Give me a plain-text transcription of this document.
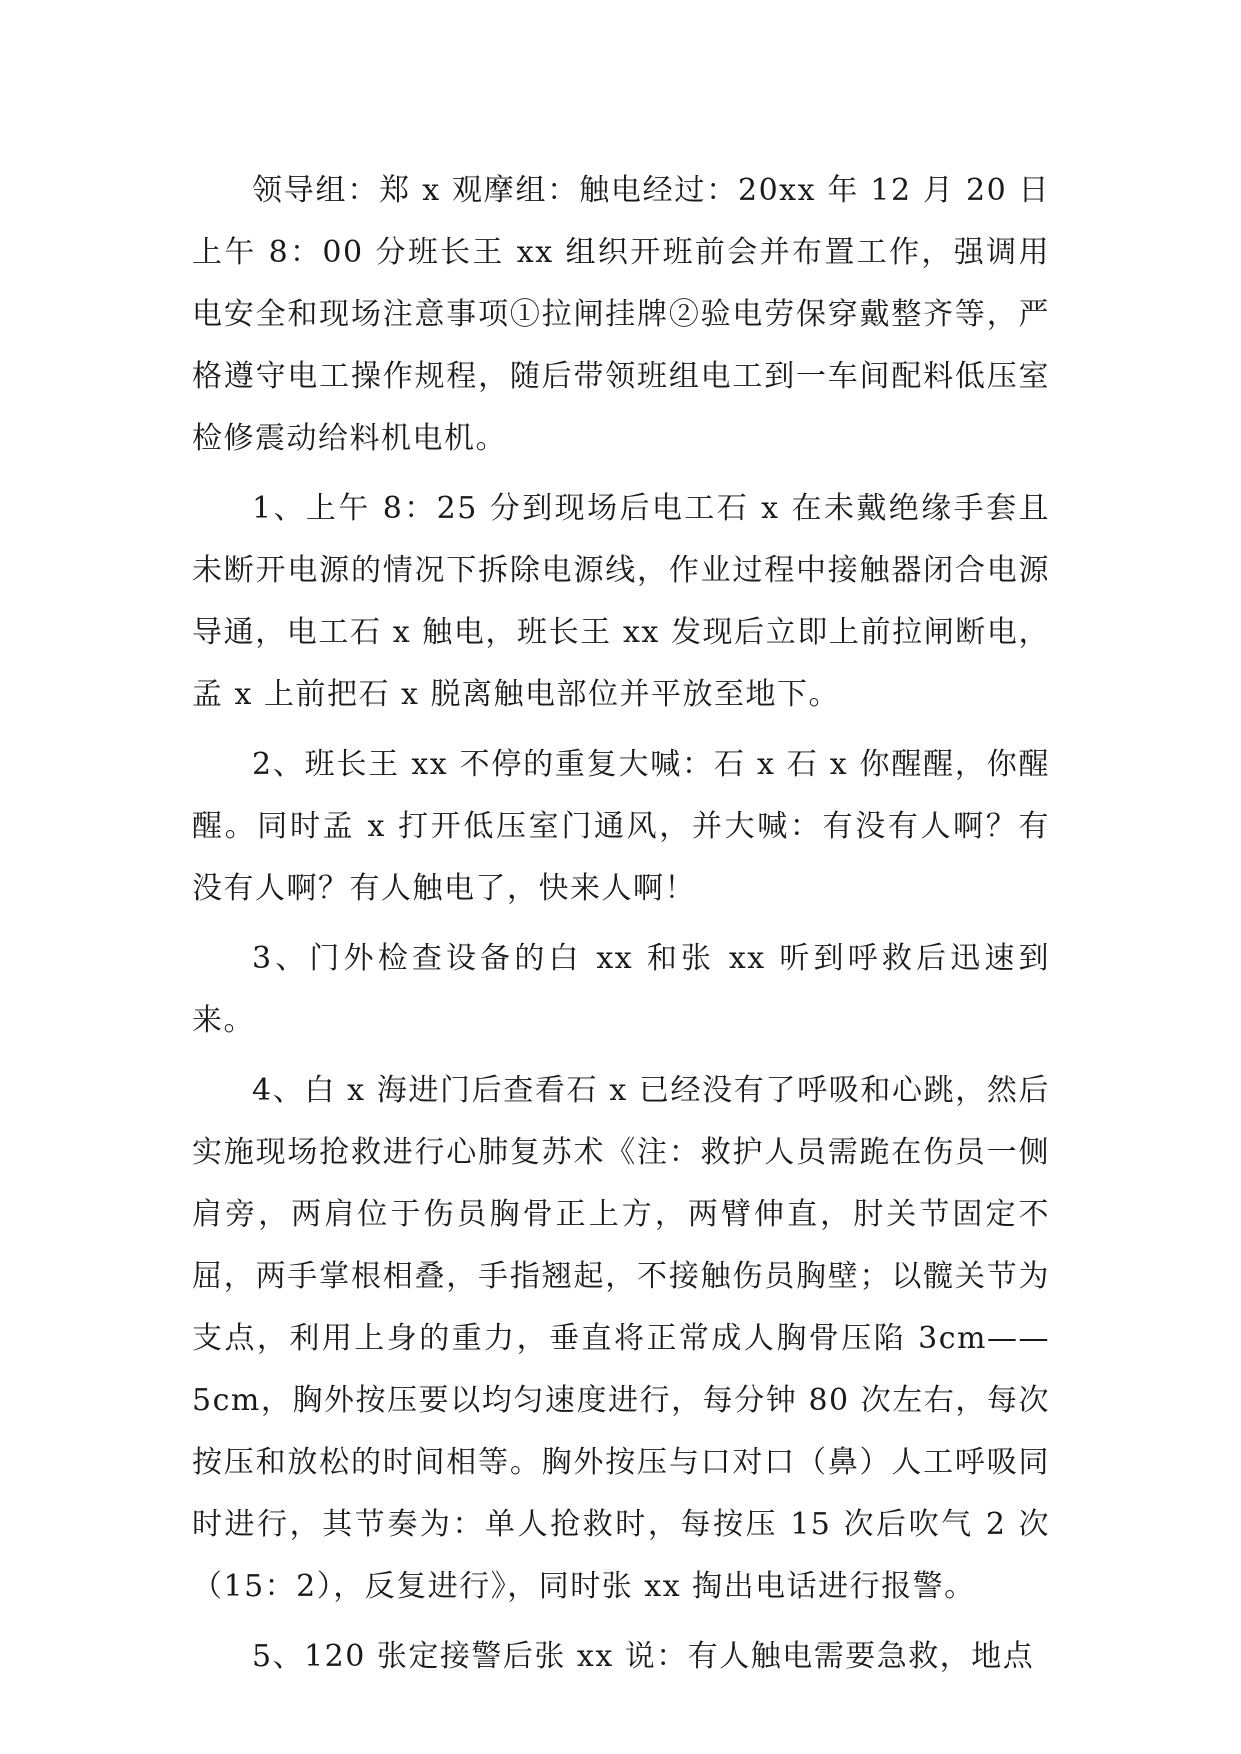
领导组：郑 x 观摩组：触电经过：20xx 年 12 月 20 日上午 8：00 分班长王 xx 组织开班前会并布置工作，强调用电安全和现场注意事项①拉闸挂牌②验电劳保穿戴整齐等，严格遵守电工操作规程，随后带领班组电工到一车间配料低压室检修震动给料机电机。

1、上午 8：25 分到现场后电工石 x 在未戴绝缘手套且未断开电源的情况下拆除电源线，作业过程中接触器闭合电源导通，电工石 x 触电，班长王 xx 发现后立即上前拉闸断电，孟 x 上前把石 x 脱离触电部位并平放至地下。

2、班长王 xx 不停的重复大喊：石 x 石 x 你醒醒，你醒醒。同时孟 x 打开低压室门通风，并大喊：有没有人啊？有没有人啊？有人触电了，快来人啊！

3、门外检查设备的白 xx 和张 xx 听到呼救后迅速到来。

4、白 x 海进门后查看石 x 已经没有了呼吸和心跳，然后实施现场抢救进行心肺复苏术《注：救护人员需跪在伤员一侧肩旁，两肩位于伤员胸骨正上方，两臂伸直，肘关节固定不屈，两手掌根相叠，手指翘起，不接触伤员胸壁；以髋关节为支点，利用上身的重力，垂直将正常成人胸骨压陷 3cm——5cm，胸外按压要以均匀速度进行，每分钟 80 次左右，每次按压和放松的时间相等。胸外按压与口对口（鼻）人工呼吸同时进行，其节奏为：单人抢救时，每按压 15 次后吹气 2 次（15：2），反复进行》，同时张 xx 掏出电话进行报警。

5、120 张定接警后张 xx 说：有人触电需要急救，地点
